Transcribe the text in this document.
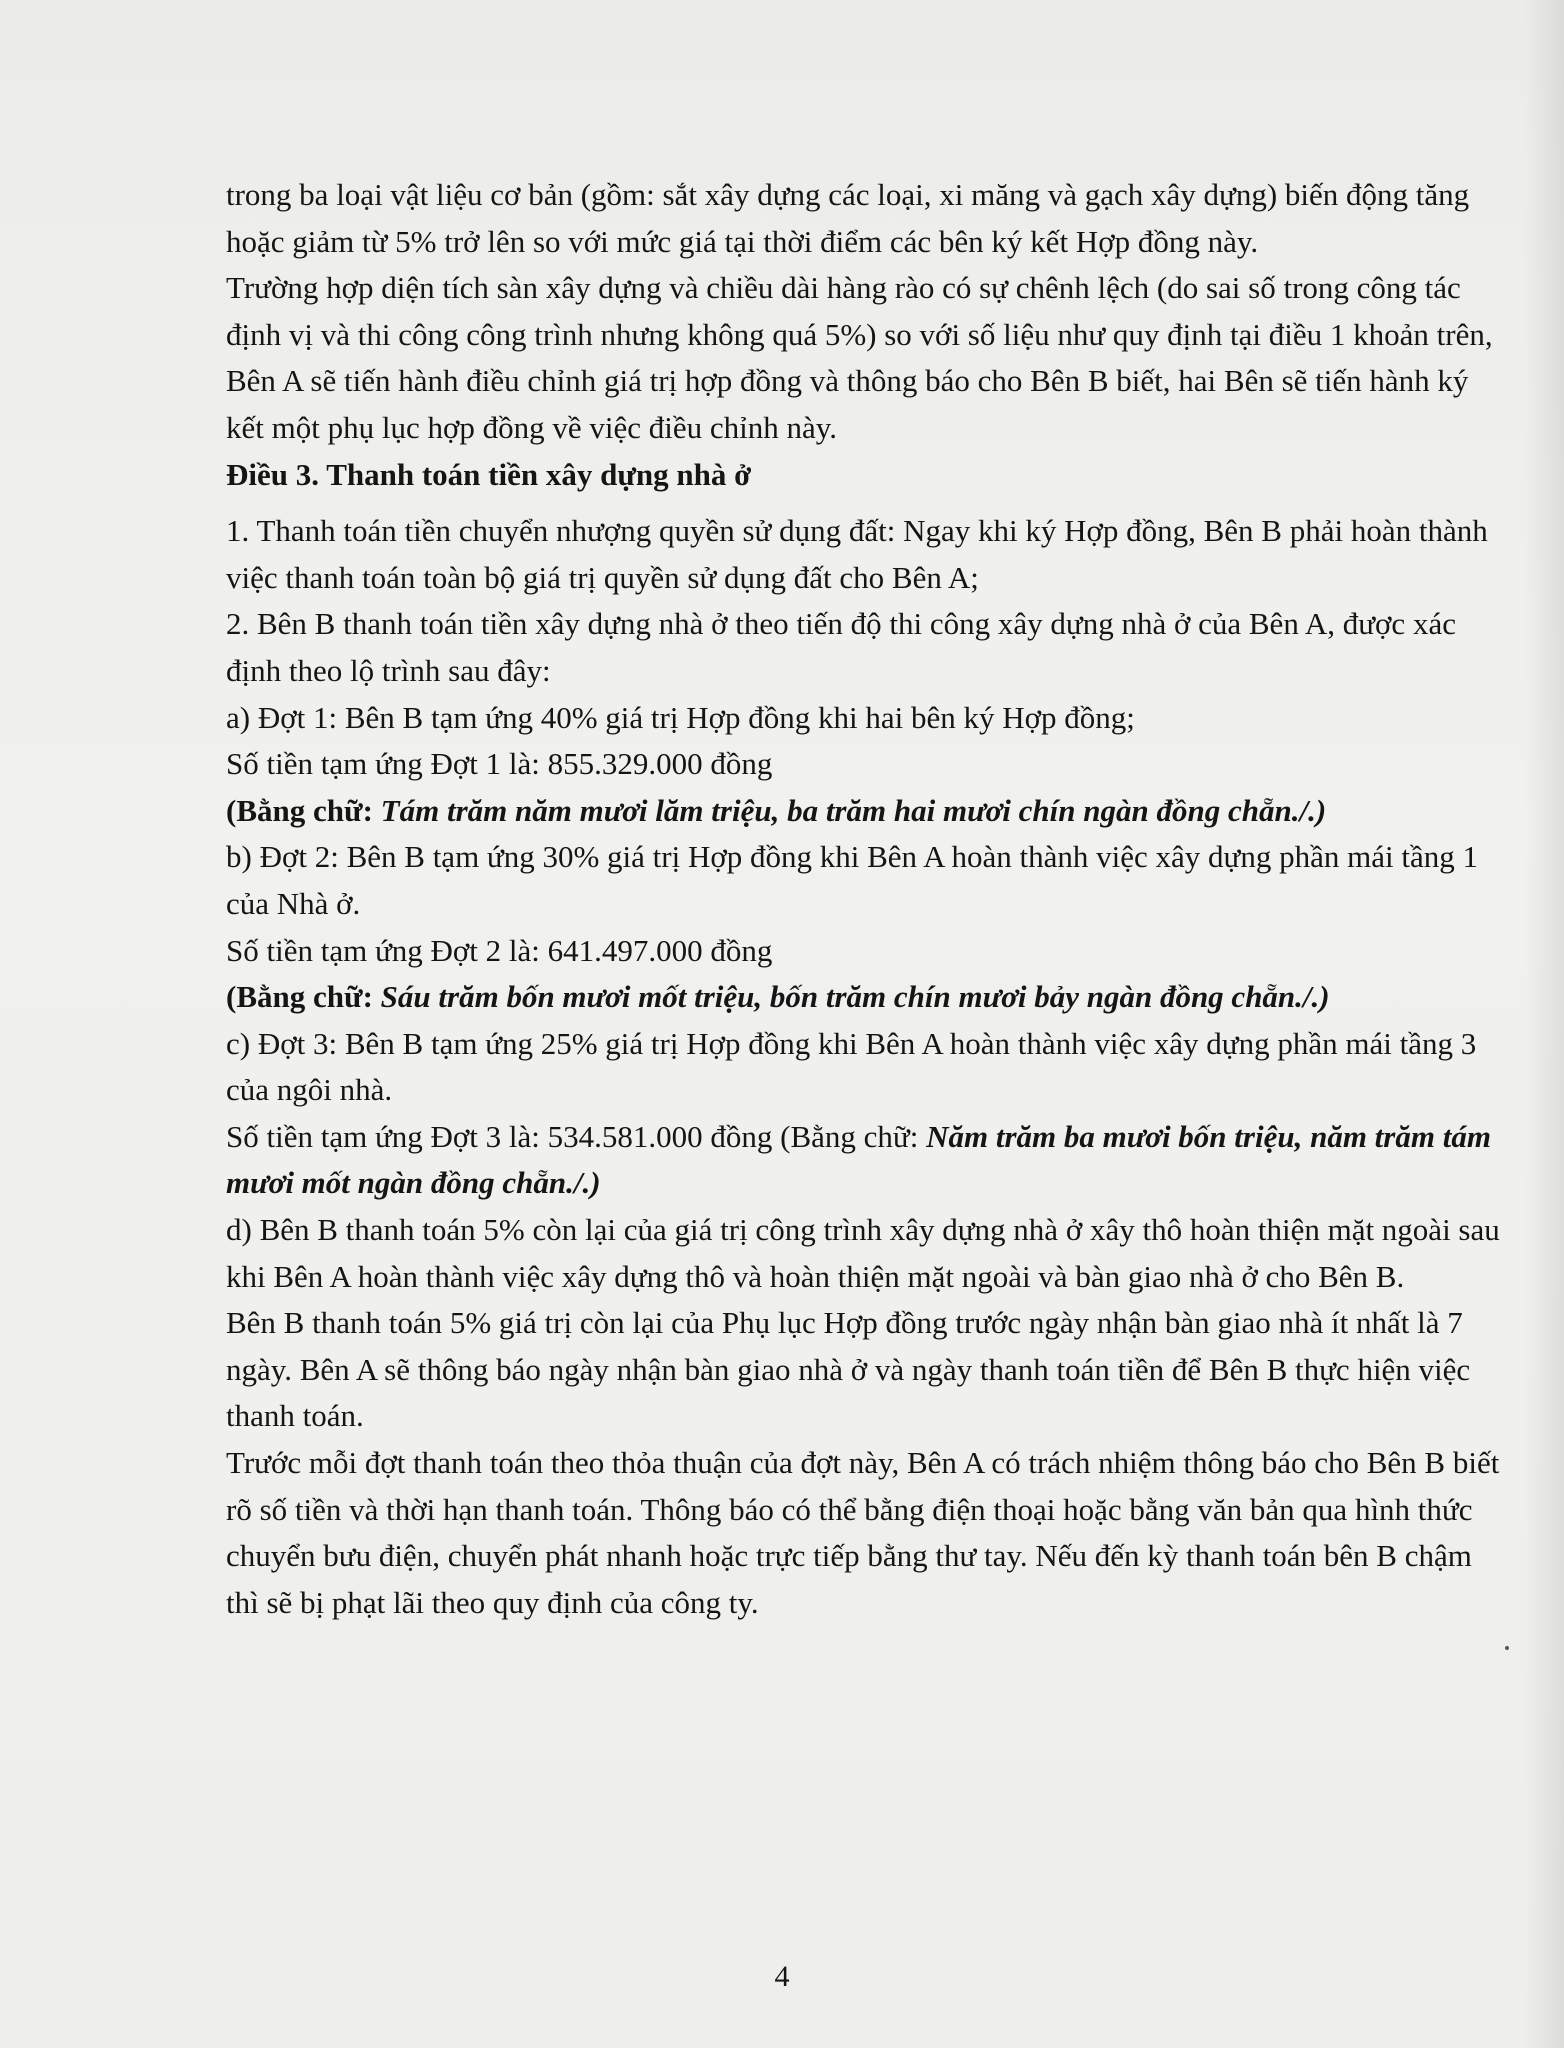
trong ba loại vật liệu cơ bản (gồm: sắt xây dựng các loại, xi măng và gạch xây dựng) biến động tăng hoặc giảm từ 5% trở lên so với mức giá tại thời điểm các bên ký kết Hợp đồng này.

Trường hợp diện tích sàn xây dựng và chiều dài hàng rào có sự chênh lệch (do sai số trong công tác định vị và thi công công trình nhưng không quá 5%) so với số liệu như quy định tại điều 1 khoản trên, Bên A sẽ tiến hành điều chỉnh giá trị hợp đồng và thông báo cho Bên B biết, hai Bên sẽ tiến hành ký kết một phụ lục hợp đồng về việc điều chỉnh này.

Điều 3. Thanh toán tiền xây dựng nhà ở

1. Thanh toán tiền chuyển nhượng quyền sử dụng đất: Ngay khi ký Hợp đồng, Bên B phải hoàn thành việc thanh toán toàn bộ giá trị quyền sử dụng đất cho Bên A;

2. Bên B thanh toán tiền xây dựng nhà ở theo tiến độ thi công xây dựng nhà ở của Bên A, được xác định theo lộ trình sau đây:

a) Đợt 1: Bên B tạm ứng 40% giá trị Hợp đồng khi hai bên ký Hợp đồng;

Số tiền tạm ứng Đợt 1 là: 855.329.000 đồng

(Bằng chữ: Tám trăm năm mươi lăm triệu, ba trăm hai mươi chín ngàn đồng chẵn./.)

b) Đợt 2: Bên B tạm ứng 30% giá trị Hợp đồng khi Bên A hoàn thành việc xây dựng phần mái tầng 1 của Nhà ở.

Số tiền tạm ứng Đợt 2 là: 641.497.000 đồng

(Bằng chữ: Sáu trăm bốn mươi mốt triệu, bốn trăm chín mươi bảy ngàn đồng chẵn./.)

c) Đợt 3: Bên B tạm ứng 25% giá trị Hợp đồng khi Bên A hoàn thành việc xây dựng phần mái tầng 3 của ngôi nhà.

Số tiền tạm ứng Đợt 3 là: 534.581.000 đồng (Bằng chữ: Năm trăm ba mươi bốn triệu, năm trăm tám mươi mốt ngàn đồng chẵn./.)

d) Bên B thanh toán 5% còn lại của giá trị công trình xây dựng nhà ở xây thô hoàn thiện mặt ngoài sau khi Bên A hoàn thành việc xây dựng thô và hoàn thiện mặt ngoài và bàn giao nhà ở cho Bên B.

Bên B thanh toán 5% giá trị còn lại của Phụ lục Hợp đồng trước ngày nhận bàn giao nhà ít nhất là 7 ngày. Bên A sẽ thông báo ngày nhận bàn giao nhà ở và ngày thanh toán tiền để Bên B thực hiện việc thanh toán.

Trước mỗi đợt thanh toán theo thỏa thuận của đợt này, Bên A có trách nhiệm thông báo cho Bên B biết rõ số tiền và thời hạn thanh toán. Thông báo có thể bằng điện thoại hoặc bằng văn bản qua hình thức chuyển bưu điện, chuyển phát nhanh hoặc trực tiếp bằng thư tay. Nếu đến kỳ thanh toán bên B chậm thì sẽ bị phạt lãi theo quy định của công ty.

4
